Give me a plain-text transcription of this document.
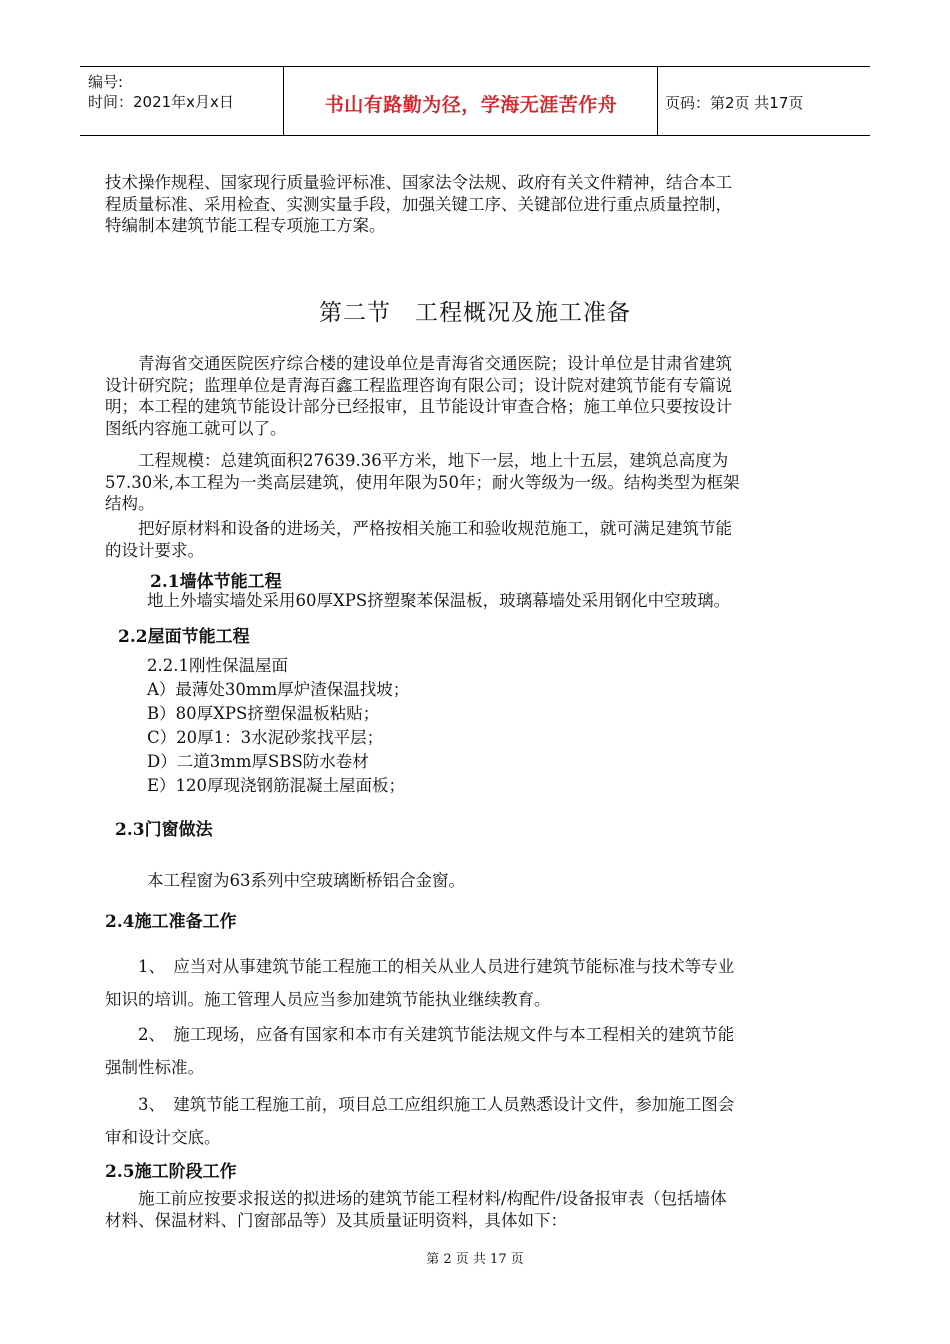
编号:
时间：2021年x月x日	书山有路勤为径，学海无涯苦作舟	页码：第2页 共17页
技术操作规程、国家现行质量验评标准、国家法令法规、政府有关文件精神，结合本工
程质量标准、采用检查、实测实量手段，加强关键工序、关键部位进行重点质量控制，
特编制本建筑节能工程专项施工方案。
第二节　工程概况及施工准备
　　青海省交通医院医疗综合楼的建设单位是青海省交通医院；设计单位是甘肃省建筑
设计研究院；监理单位是青海百鑫工程监理咨询有限公司；设计院对建筑节能有专篇说
明；本工程的建筑节能设计部分已经报审，且节能设计审查合格；施工单位只要按设计
图纸内容施工就可以了。
　　工程规模：总建筑面积27639.36平方米，地下一层，地上十五层，建筑总高度为
57.30米,本工程为一类高层建筑，使用年限为50年；耐火等级为一级。结构类型为框架
结构。
　　把好原材料和设备的进场关，严格按相关施工和验收规范施工，就可满足建筑节能
的设计要求。
2.1墙体节能工程
地上外墙实墙处采用60厚XPS挤塑聚苯保温板，玻璃幕墙处采用钢化中空玻璃。
2.2屋面节能工程
2.2.1刚性保温屋面
A）最薄处30mm厚炉渣保温找坡；
B）80厚XPS挤塑保温板粘贴；
C）20厚1：3水泥砂浆找平层；
D）二道3mm厚SBS防水卷材
E）120厚现浇钢筋混凝土屋面板；
2.3门窗做法
本工程窗为63系列中空玻璃断桥铝合金窗。
2.4施工准备工作
　　1、　应当对从事建筑节能工程施工的相关从业人员进行建筑节能标准与技术等专业
知识的培训。施工管理人员应当参加建筑节能执业继续教育。
　　2、　施工现场，应备有国家和本市有关建筑节能法规文件与本工程相关的建筑节能
强制性标准。
　　3、　建筑节能工程施工前，项目总工应组织施工人员熟悉设计文件，参加施工图会
审和设计交底。
2.5施工阶段工作
　　施工前应按要求报送的拟进场的建筑节能工程材料/构配件/设备报审表（包括墙体
材料、保温材料、门窗部品等）及其质量证明资料，具体如下：
第 2 页 共 17 页
